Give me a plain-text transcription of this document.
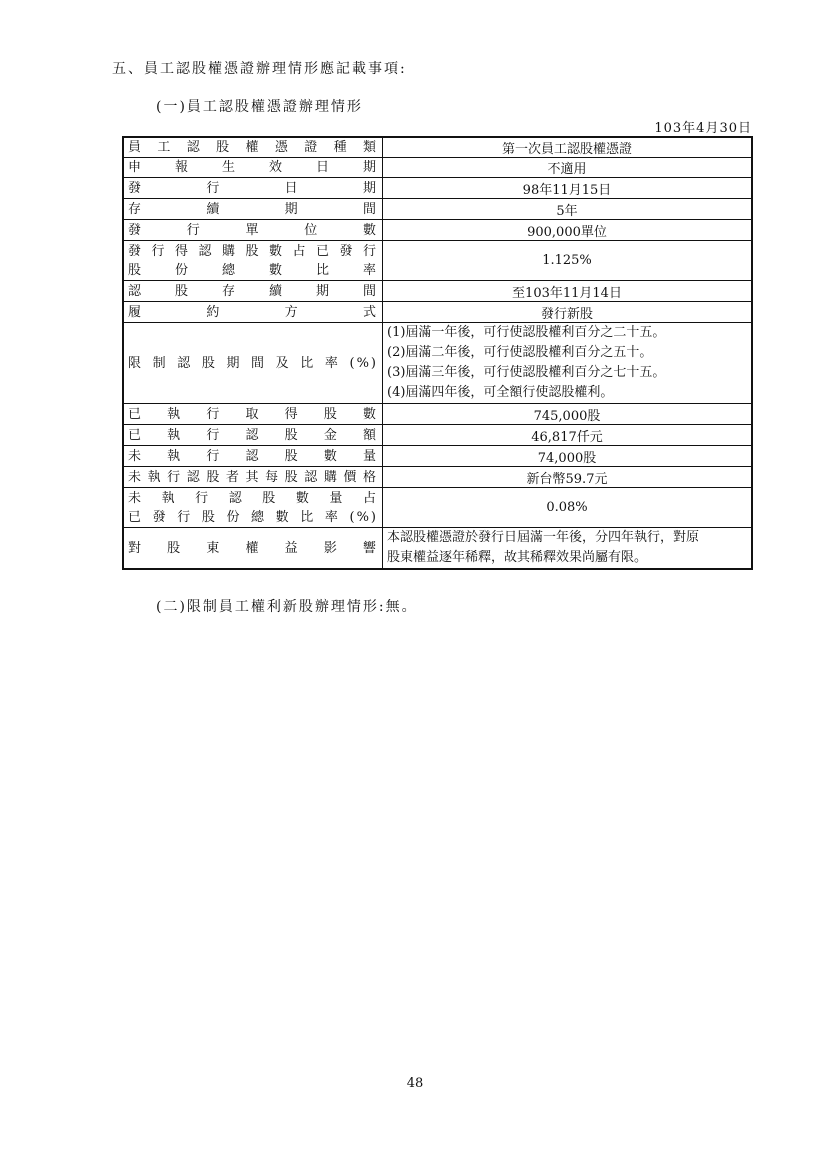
五、員工認股權憑證辦理情形應記載事項:
(一)員工認股權憑證辦理情形
103年4月30日
員工認股權憑證種類	第一次員工認股權憑證

申報生效日期	不適用

發行日期	98年11月15日

存續期間	5年

發行單位數	900,000單位

發行得認購股數占已發行
股份總數比率	1.125%

認股存續期間	至103年11月14日

履約方式	發行新股

限制認股期間及比率(%)	(1)屆滿一年後，可行使認股權利百分之二十五。
(2)屆滿二年後，可行使認股權利百分之五十。
(3)屆滿三年後，可行使認股權利百分之七十五。
(4)屆滿四年後，可全額行使認股權利。

已執行取得股數	745,000股

已執行認股金額	46,817仟元

未執行認股數量	74,000股

未執行認股者其每股認購價格	新台幣59.7元

未執行認股數量占
已發行股份總數比率(%)	0.08%

對股東權益影響	本認股權憑證於發行日屆滿一年後，分四年執行，對原
股東權益逐年稀釋，故其稀釋效果尚屬有限。
(二)限制員工權利新股辦理情形:無。
48
